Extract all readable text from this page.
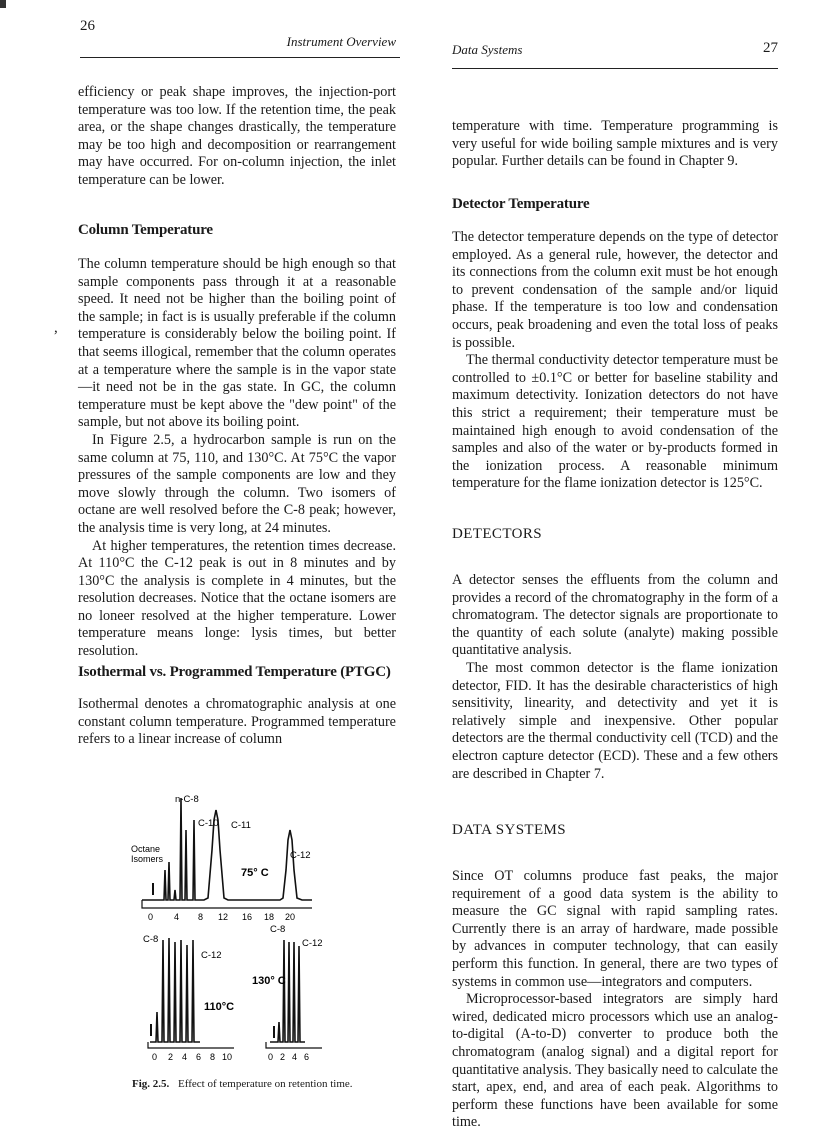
26
Instrument Overview

efficiency or peak shape improves, the injection-port temperature was too low. If the retention time, the peak area, or the shape changes drastically, the temperature may be too high and decomposition or rearrangement may have occurred. For on-column injection, the inlet temperature can be lower.

Column Temperature

The column temperature should be high enough so that sample components pass through it at a reasonable speed. It need not be higher than the boiling point of the sample; in fact is is usually preferable if the column temperature is considerably below the boiling point. If that seems illogical, remember that the column operates at a temperature where the sample is in the vapor state—it need not be in the gas state. In GC, the column temperature must be kept above the "dew point" of the sample, but not above its boiling point.

In Figure 2.5, a hydrocarbon sample is run on the same column at 75, 110, and 130°C. At 75°C the vapor pressures of the sample components are low and they move slowly through the column. Two isomers of octane are well resolved before the C-8 peak; however, the analysis time is very long, at 24 minutes.

At higher temperatures, the retention times decrease. At 110°C the C-12 peak is out in 8 minutes and by 130°C the analysis is complete in 4 minutes, but the resolution decreases. Notice that the octane isomers are no loneer resolved at the higher temperature. Lower temperature means longe: lysis times, but better resolution.

,
Isothermal vs. Programmed Temperature (PTGC)

Isothermal denotes a chromatographic analysis at one constant column temperature. Programmed temperature refers to a linear increase of column

n-C-8
C-10 C-11
C-12
Octane
Isomers
75° C
0 4 8 12 16 18 20
C-8
C-12
110°C
0 2 4 6 8 10
C-8
C-12
130° C
0 2 4 6
Fig. 2.5. Effect of temperature on retention time.
Data Systems	27

temperature with time. Temperature programming is very useful for wide boiling sample mixtures and is very popular. Further details can be found in Chapter 9.

Detector Temperature

The detector temperature depends on the type of detector employed. As a general rule, however, the detector and its connections from the column exit must be hot enough to prevent condensation of the sample and/or liquid phase. If the temperature is too low and condensation occurs, peak broadening and even the total loss of peaks is possible.

The thermal conductivity detector temperature must be controlled to ±0.1°C or better for baseline stability and maximum detectivity. Ionization detectors do not have this strict a requirement; their temperature must be maintained high enough to avoid condensation of the samples and also of the water or by-products formed in the ionization process. A reasonable minimum temperature for the flame ionization detector is 125°C.

DETECTORS

A detector senses the effluents from the column and provides a record of the chromatography in the form of a chromatogram. The detector signals are proportionate to the quantity of each solute (analyte) making possible quantitative analysis.

The most common detector is the flame ionization detector, FID. It has the desirable characteristics of high sensitivity, linearity, and detectivity and yet it is relatively simple and inexpensive. Other popular detectors are the thermal conductivity cell (TCD) and the electron capture detector (ECD). These and a few others are described in Chapter 7.

DATA SYSTEMS

Since OT columns produce fast peaks, the major requirement of a good data system is the ability to measure the GC signal with rapid sampling rates. Currently there is an array of hardware, made possible by advances in computer technology, that can easily perform this function. In general, there are two types of systems in common use—integrators and computers.

Microprocessor-based integrators are simply hard wired, dedicated micro processors which use an analog-to-digital (A-to-D) converter to produce both the chromatogram (analog signal) and a digital report for quantitative analysis. They basically need to calculate the start, apex, end, and area of each peak. Algorithms to perform these functions have been available for some time.
